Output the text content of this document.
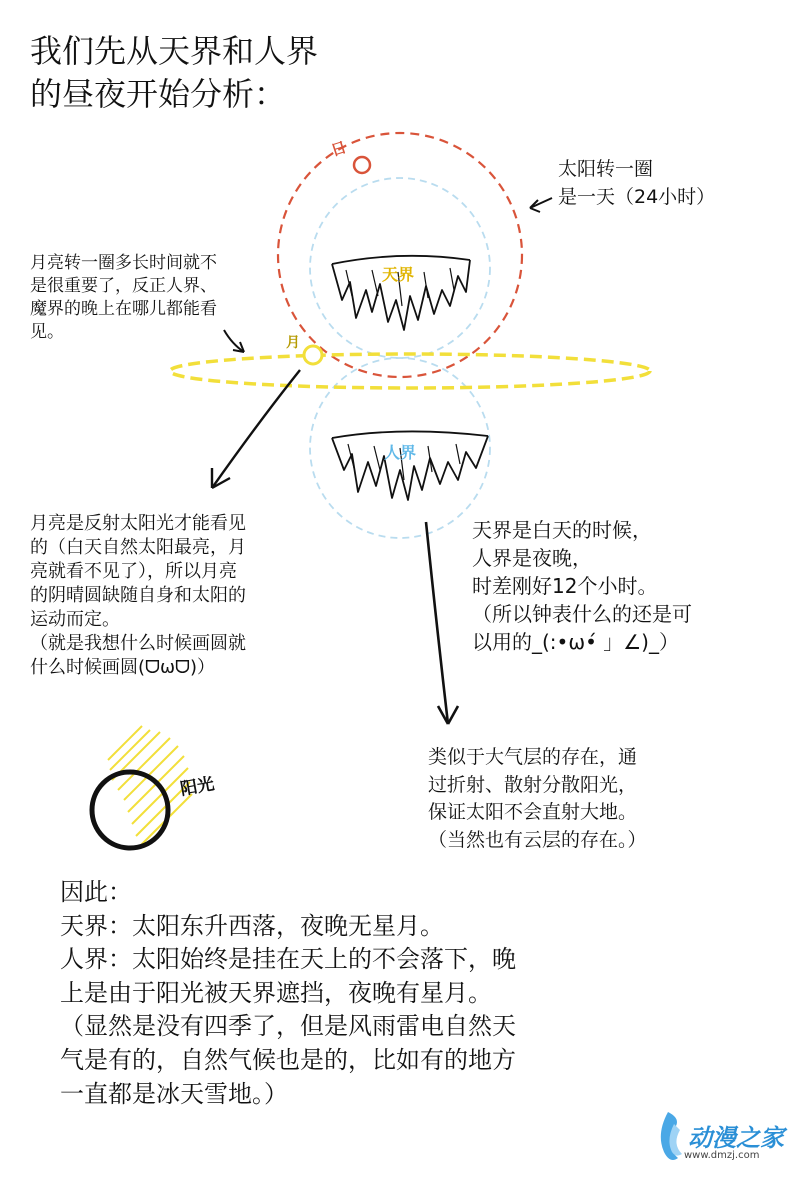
日
月
天界
人界
阳光

我们先从天界和人界
的昼夜开始分析：

太阳转一圈
是一天（24小时）

月亮转一圈多长时间就不
是很重要了，反正人界、
魔界的晚上在哪儿都能看
见。

月亮是反射太阳光才能看见
的（白天自然太阳最亮，月
亮就看不见了），所以月亮
的阴晴圆缺随自身和太阳的
运动而定。
（就是我想什么时候画圆就
什么时候画圆(ᗜωᗜ)）

天界是白天的时候，
人界是夜晚，
时差刚好12个小时。
（所以钟表什么的还是可
以用的_(:•ω•́ 」∠)_）

类似于大气层的存在，通
过折射、散射分散阳光，
保证太阳不会直射大地。
（当然也有云层的存在。）

因此：
天界：太阳东升西落，夜晚无星月。
人界：太阳始终是挂在天上的不会落下，晚
上是由于阳光被天界遮挡，夜晚有星月。
（显然是没有四季了，但是风雨雷电自然天
气是有的，自然气候也是的，比如有的地方
一直都是冰天雪地。）

动漫之家
www.dmzj.com
